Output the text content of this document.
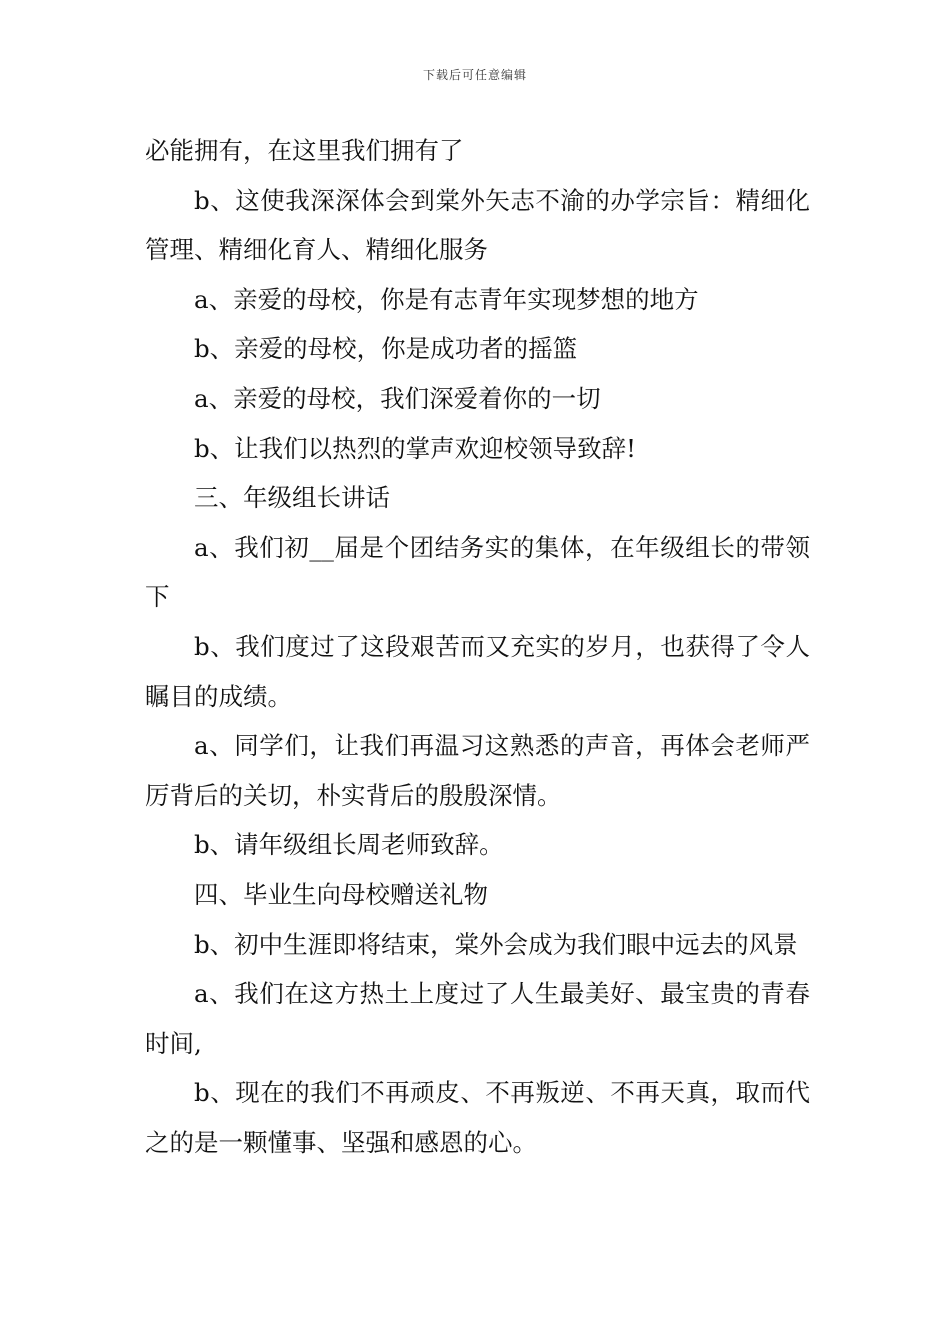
下载后可任意编辑

必能拥有，在这里我们拥有了

b、这使我深深体会到棠外矢志不渝的办学宗旨：精细化管理、精细化育人、精细化服务

a、亲爱的母校，你是有志青年实现梦想的地方

b、亲爱的母校，你是成功者的摇篮

a、亲爱的母校，我们深爱着你的一切

b、让我们以热烈的掌声欢迎校领导致辞!

三、年级组长讲话

a、我们初__届是个团结务实的集体，在年级组长的带领下

b、我们度过了这段艰苦而又充实的岁月，也获得了令人瞩目的成绩。

a、同学们，让我们再温习这熟悉的声音，再体会老师严厉背后的关切，朴实背后的殷殷深情。

b、请年级组长周老师致辞。

四、毕业生向母校赠送礼物

b、初中生涯即将结束，棠外会成为我们眼中远去的风景

a、我们在这方热土上度过了人生最美好、最宝贵的青春时间,

b、现在的我们不再顽皮、不再叛逆、不再天真，取而代之的是一颗懂事、坚强和感恩的心。
